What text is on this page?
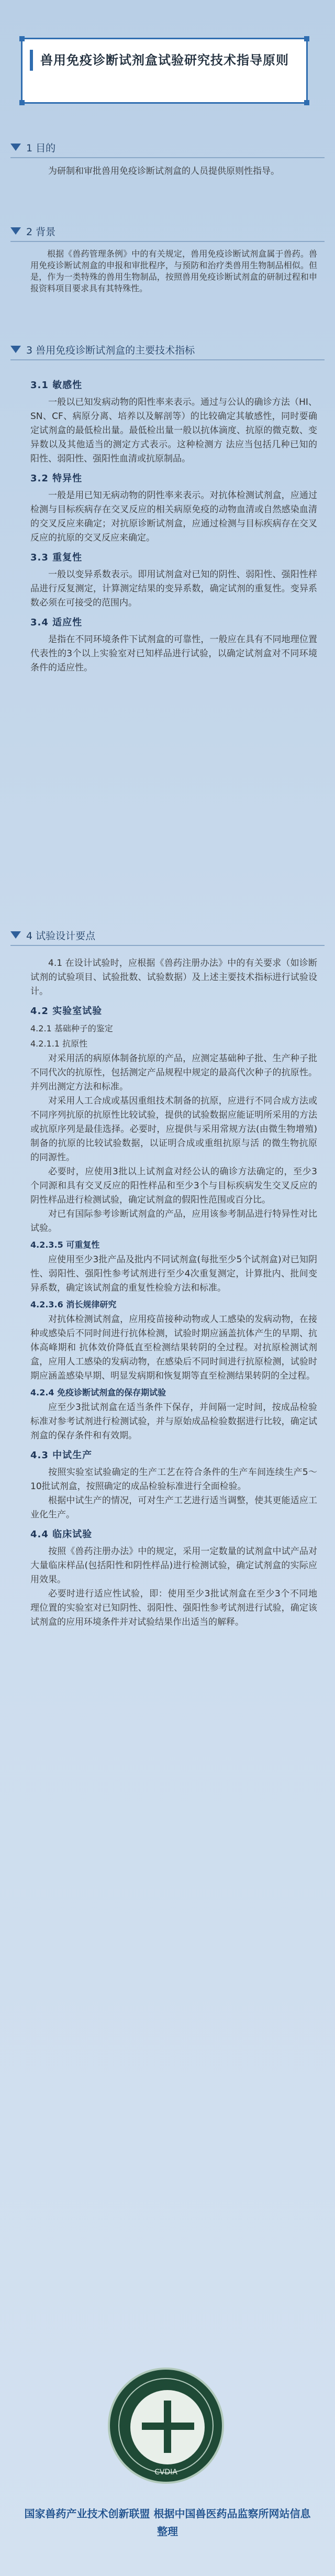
兽用免疫诊断试剂盒试验研究技术指导原则
1 目的

为研制和审批兽用免疫诊断试剂盒的人员提供原则性指导。

2 背景

根据《兽药管理条例》中的有关规定，兽用免疫诊断试剂盒属于兽药。兽用免疫诊断试剂盒的申报和审批程序，与预防和治疗类兽用生物制品相似。但是，作为一类特殊的兽用生物制品，按照兽用免疫诊断试剂盒的研制过程和申报资料项目要求具有其特殊性。

3 兽用免疫诊断试剂盒的主要技术指标
3.1 敏感性

一般以已知发病动物的阳性率来表示。通过与公认的确诊方法（HI、SN、CF、病原分离、培养以及解剖等）的比较确定其敏感性，同时要确定试剂盒的最低检出量。最低检出量一般以抗体滴度、抗原的微克数、变异数以及其他适当的测定方式表示。这种检测方 法应当包括几种已知的阳性、弱阳性、强阳性血清或抗原制品。

3.2 特异性

一般是用已知无病动物的阴性率来表示。对抗体检测试剂盒，应通过检测与目标疾病存在交叉反应的相关病原免疫的动物血清或自然感染血清的交叉反应来确定；对抗原诊断试剂盒，应通过检测与目标疾病存在交叉反应的抗原的交叉反应来确定。

3.3 重复性

一般以变异系数表示。即用试剂盒对已知的阴性、弱阳性、强阳性样品进行反复测定，计算测定结果的变异系数，确定试剂的重复性。变异系数必须在可接受的范围内。

3.4 适应性

是指在不同环境条件下试剂盒的可靠性，一般应在具有不同地理位置代表性的3个以上实验室对已知样品进行试验，以确定试剂盒对不同环境条件的适应性。

4 试验设计要点

4.1 在设计试验时，应根据《兽药注册办法》中的有关要求（如诊断试剂的试验项目、试验批数、试验数据）及上述主要技术指标进行试验设计。

4.2 实验室试验
4.2.1 基础种子的鉴定
4.2.1.1 抗原性

对采用活的病原体制备抗原的产品，应测定基础种子批、生产种子批不同代次的抗原性，包括测定产品规程中规定的最高代次种子的抗原性。并列出测定方法和标准。

对采用人工合成或基因重组技术制备的抗原，应进行不同合成方法或不同序列抗原的抗原性比较试验，提供的试验数据应能证明所采用的方法或抗原序列是最佳选择。必要时，应提供与采用常规方法(由微生物增殖)制备的抗原的比较试验数据，以证明合成或重组抗原与活 的微生物抗原的同源性。

必要时，应使用3批以上试剂盒对经公认的确诊方法确定的，至少3个同源和具有交叉反应的阳性样品和至少3个与目标疾病发生交叉反应的阴性样品进行检测试验，确定试剂盒的假阳性范围或百分比。

对已有国际参考诊断试剂盒的产品，应用该参考制品进行特异性对比试验。

4.2.3.5 可重复性

应使用至少3批产品及批内不同试剂盒(每批至少5个试剂盒)对已知阴性、弱阳性、强阳性参考试剂进行至少4次重复测定，计算批内、批间变异系数，确定该试剂盒的重复性检验方法和标准。

4.2.3.6 消长规律研究

对抗体检测试剂盒，应用疫苗接种动物或人工感染的发病动物，在接种或感染后不同时间进行抗体检测，试验时期应涵盖抗体产生的早期、抗体高峰期和 抗体效价降低直至检测结果转阴的全过程。对抗原检测试剂盒，应用人工感染的发病动物，在感染后不同时间进行抗原检测，试验时期应涵盖感染早期、明显发病期和恢复期等直至检测结果转阴的全过程。

4.2.4 免疫诊断试剂盒的保存期试验

应至少3批试剂盒在适当条件下保存，并间隔一定时间，按成品检验标准对参考试剂进行检测试验，并与原始成品检验数据进行比较，确定试剂盒的保存条件和有效期。

4.3 中试生产

按照实验室试验确定的生产工艺在符合条件的生产车间连续生产5～10批试剂盒，按照确定的成品检验标准进行全面检验。

根据中试生产的情况，可对生产工艺进行适当调整，使其更能适应工业化生产。

4.4 临床试验

按照《兽药注册办法》中的规定，采用一定数量的试剂盒中试产品对大量临床样品(包括阳性和阴性样品)进行检测试验，确定试剂盒的实际应用效果。

必要时进行适应性试验，即：使用至少3批试剂盒在至少3个不同地理位置的实验室对已知阴性、弱阳性、强阳性参考试剂进行试验，确定该试剂盒的应用环境条件并对试验结果作出适当的解释。

CVDIA
国家兽药产业技术创新联盟 根据中国兽医药品监察所网站信息整理
